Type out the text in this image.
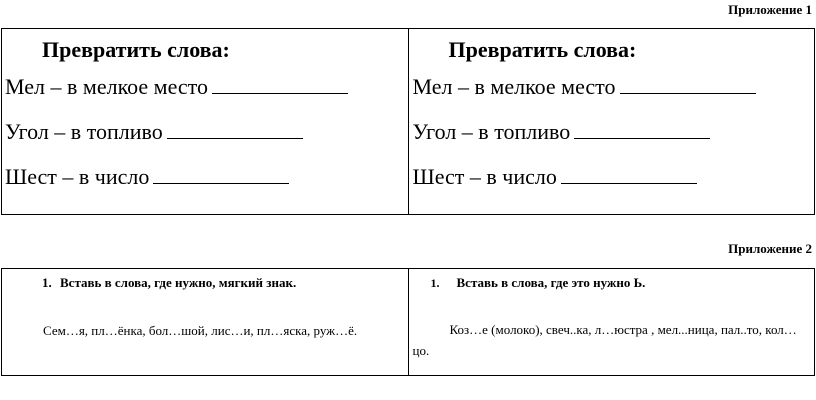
Приложение 1

Превратить слова:

Мел – в мелкое место

Угол – в топливо

Шест – в число

Превратить слова:

Мел – в мелкое место

Угол – в топливо

Шест – в число

Приложение 2

1. Вставь в слова, где нужно, мягкий знак.

Сем…я, пл…ёнка, бол…шой, лис…и, пл…яска, руж…ё.

1. Вставь в слова, где это нужно Ь.

Коз…е (молоко), свеч..ка, л…юстра , мел...ница, пал..то, кол…цо.
